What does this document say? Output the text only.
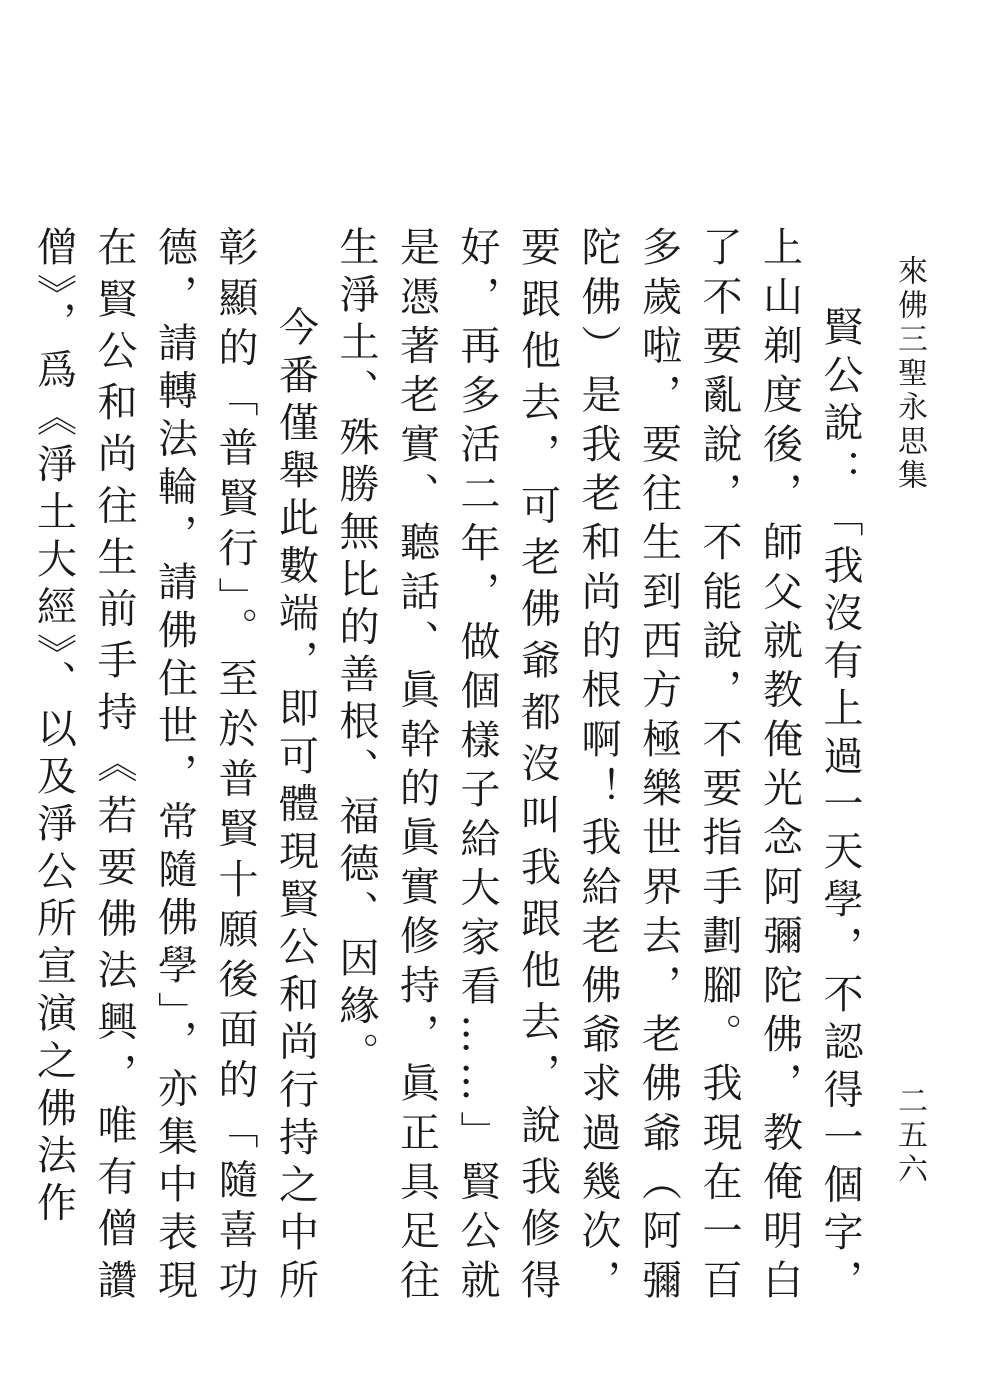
來佛三聖永思集
二五六

賢公說：「我沒有上過一天學，不認得一個字，上山剃度後，師父就教俺光念阿彌陀佛，教俺明白了不要亂說，不能說，不要指手劃腳。我現在一百多歲啦，要往生到西方極樂世界去，老佛爺（阿彌陀佛）是我老和尚的根啊！我給老佛爺求過幾次，要跟他去，可老佛爺都沒叫我跟他去，說我修得好，再多活二年，做個樣子給大家看……」賢公就是憑著老實、聽話、眞幹的眞實修持，眞正具足往生淨土、殊勝無比的善根、福德、因緣。

今番僅舉此數端，即可體現賢公和尚行持之中所彰顯的「普賢行」。至於普賢十願後面的「隨喜功德，請轉法輪，請佛住世，常隨佛學」，亦集中表現在賢公和尚往生前手持《若要佛法興，唯有僧讚僧》，爲《淨土大經》、以及淨公所宣演之佛法作
